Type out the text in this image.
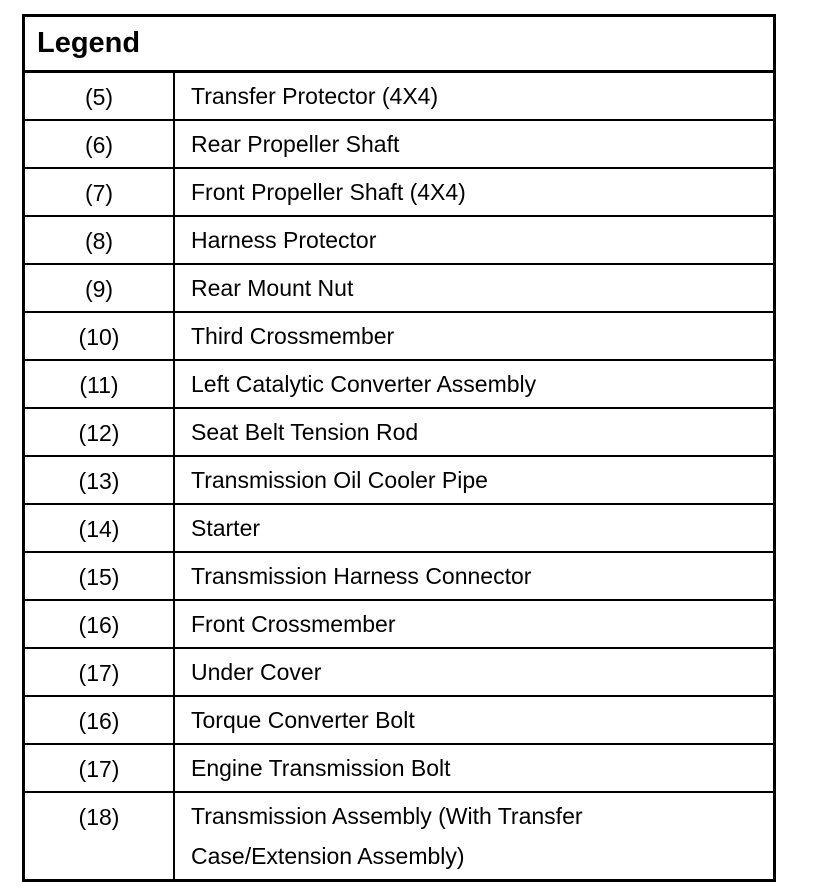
Legend
(5)	Transfer Protector (4X4)
(6)	Rear Propeller Shaft
(7)	Front Propeller Shaft (4X4)
(8)	Harness Protector
(9)	Rear Mount Nut
(10)	Third Crossmember
(11)	Left Catalytic Converter Assembly
(12)	Seat Belt Tension Rod
(13)	Transmission Oil Cooler Pipe
(14)	Starter
(15)	Transmission Harness Connector
(16)	Front Crossmember
(17)	Under Cover
(16)	Torque Converter Bolt
(17)	Engine Transmission Bolt
(18)	Transmission Assembly (With Transfer Case/Extension Assembly)
